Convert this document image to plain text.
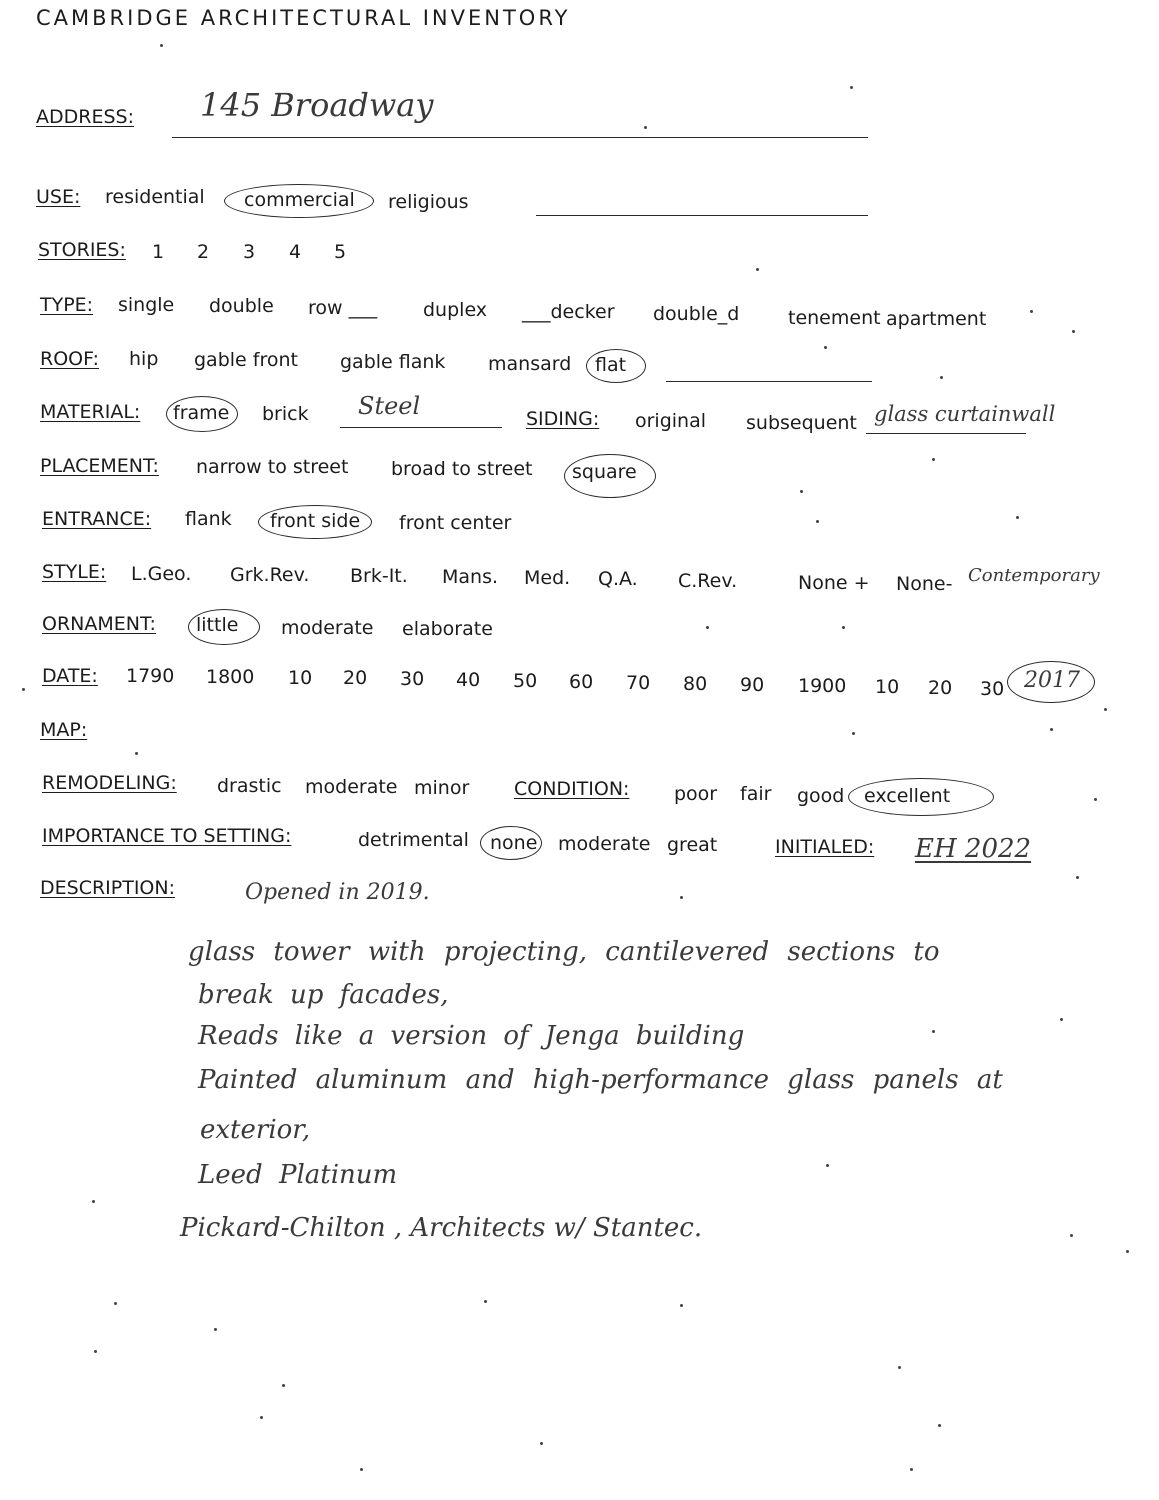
CAMBRIDGE ARCHITECTURAL INVENTORY
ADDRESS: 145 Broadway
USE: residential commercial religious
STORIES: 1 2 3 4 5
TYPE: single double row ___ duplex ___decker double_d	tenement apartment
ROOF: hip gable front gable flank mansard flat
MATERIAL: frame brick Steel	SIDING: original subsequent glass curtainwall
PLACEMENT: narrow to street broad to street square
ENTRANCE: flank front side front center
STYLE: L.Geo. Grk.Rev. Brk-It. Mans. Med. Q.A. C.Rev.	None + None- Contemporary
ORNAMENT: little moderate elaborate
DATE: 1790 1800 10 20 30 40 50 60 70 80 90 1900 10 20 30 2017
MAP:
REMODELING: drastic moderate minor CONDITION: poor fair good excellent
IMPORTANCE TO SETTING:	detrimental none moderate great	INITIALED: EH 2022
DESCRIPTION:	Opened in 2019.
glass tower with projecting, cantilevered sections to
break up facades,
Reads like a version of Jenga building
Painted aluminum and high-performance glass panels at
exterior,
Leed Platinum
Pickard-Chilton , Architects w/ Stantec.
